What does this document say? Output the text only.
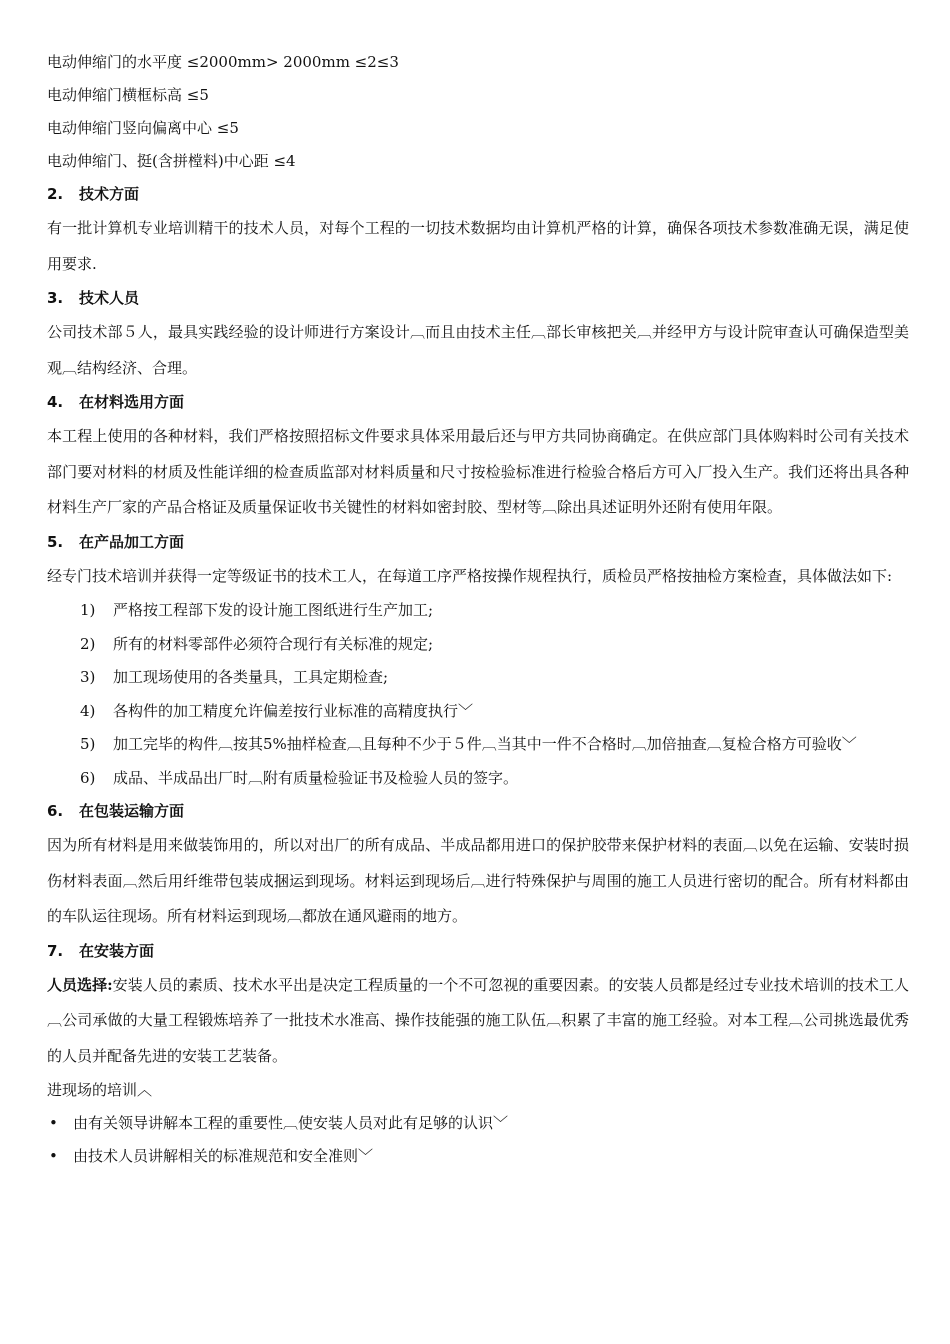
电动伸缩门的水平度 ≤2000mm> 2000mm ≤2≤3
电动伸缩门横框标高 ≤5
电动伸缩门竖向偏离中心 ≤5
电动伸缩门、挺(含拼樘料)中心距 ≤4
2. 技术方面

有一批计算机专业培训精干的技术人员，对每个工程的一切技术数据均由计算机严格的计算，确保各项技术参数准确无误，满足使用要求.

3. 技术人员

公司技术部５人，最具实践经验的设计师进行方案设计︹而且由技术主任︹部长审核把关︹并经甲方与设计院审查认可确保造型美观︹结构经济、合理。

4. 在材料选用方面

本工程上使用的各种材料，我们严格按照招标文件要求具体采用最后还与甲方共同协商确定。在供应部门具体购料时公司有关技术部门要对材料的材质及性能详细的检查质监部对材料质量和尺寸按检验标准进行检验合格后方可入厂投入生产。我们还将出具各种材料生产厂家的产品合格证及质量保证收书关键性的材料如密封胶、型材等︹除出具述证明外还附有使用年限。

5. 在产品加工方面

经专门技术培训并获得一定等级证书的技术工人，在每道工序严格按操作规程执行，质检员严格按抽检方案检查，具体做法如下:

1) 严格按工程部下发的设计施工图纸进行生产加工;
2) 所有的材料零部件必须符合现行有关标准的规定;
3) 加工现场使用的各类量具，工具定期检查;
4) 各构件的加工精度允许偏差按行业标准的高精度执行﹀
5) 加工完毕的构件︹按其5%抽样检查︹且每种不少于５件︹当其中一件不合格时︹加倍抽查︹复检合格方可验收﹀
6) 成品、半成品出厂时︹附有质量检验证书及检验人员的签字。
6. 在包装运输方面

因为所有材料是用来做装饰用的，所以对出厂的所有成品、半成品都用进口的保护胶带来保护材料的表面︹以免在运输、安装时损伤材料表面︹然后用纤维带包装成捆运到现场。材料运到现场后︹进行特殊保护与周围的施工人员进行密切的配合。所有材料都由的车队运往现场。所有材料运到现场︹都放在通风避雨的地方。

7. 在安装方面

人员选择:安装人员的素质、技术水平出是决定工程质量的一个不可忽视的重要因素。的安装人员都是经过专业技术培训的技术工人︹公司承做的大量工程锻炼培养了一批技术水准高、操作技能强的施工队伍︹积累了丰富的施工经验。对本工程︹公司挑选最优秀的人员并配备先进的安装工艺装备。

进现场的培训︿
• 由有关领导讲解本工程的重要性︹使安装人员对此有足够的认识﹀
• 由技术人员讲解相关的标准规范和安全准则﹀
